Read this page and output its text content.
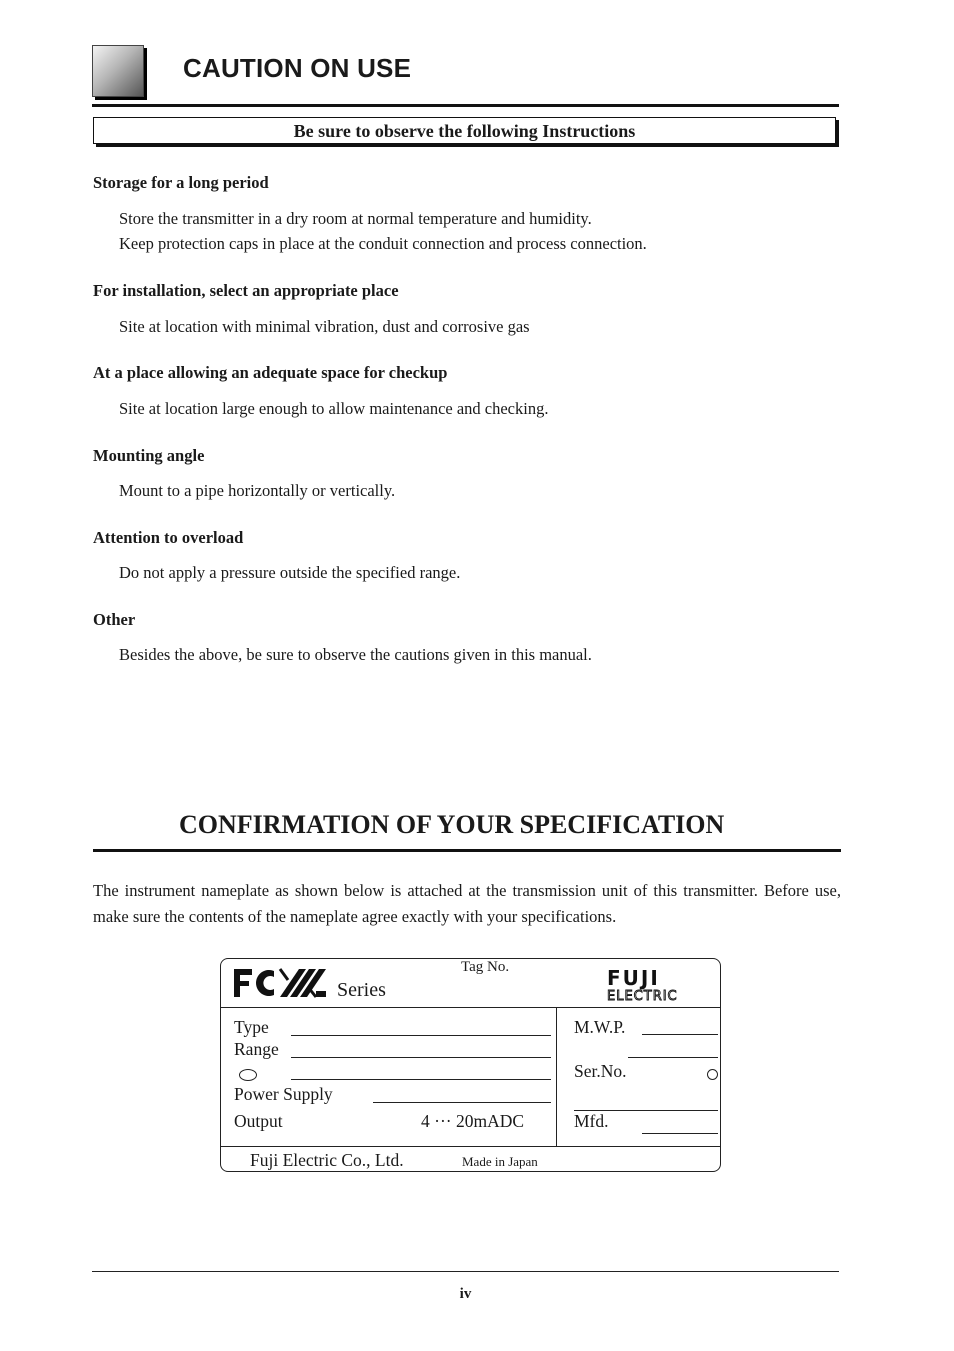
CAUTION ON USE
Be sure to observe the following Instructions
Storage for a long period

Store the transmitter in a dry room at normal temperature and humidity.

Keep protection caps in place at the conduit connection and process connection.

For installation, select an appropriate place

Site at location with minimal vibration, dust and corrosive gas

At a place allowing an adequate space for checkup

Site at location large enough to allow maintenance and checking.

Mounting angle

Mount to a pipe horizontally or vertically.

Attention to overload

Do not apply a pressure outside the specified range.

Other

Besides the above, be sure to observe the cautions given in this manual.

CONFIRMATION OF YOUR SPECIFICATION

The instrument nameplate as shown below is attached at the transmission unit of this transmitter. Before use, make sure the contents of the nameplate agree exactly with your specifications.

Series
Tag No.	FUJI
ELECTRIC
Type
Range
Power Supply
Output	4 ··· 20mADC
M.W.P.
Ser.No.
Mfd.
Fuji Electric Co., Ltd.	Made in Japan
iv
